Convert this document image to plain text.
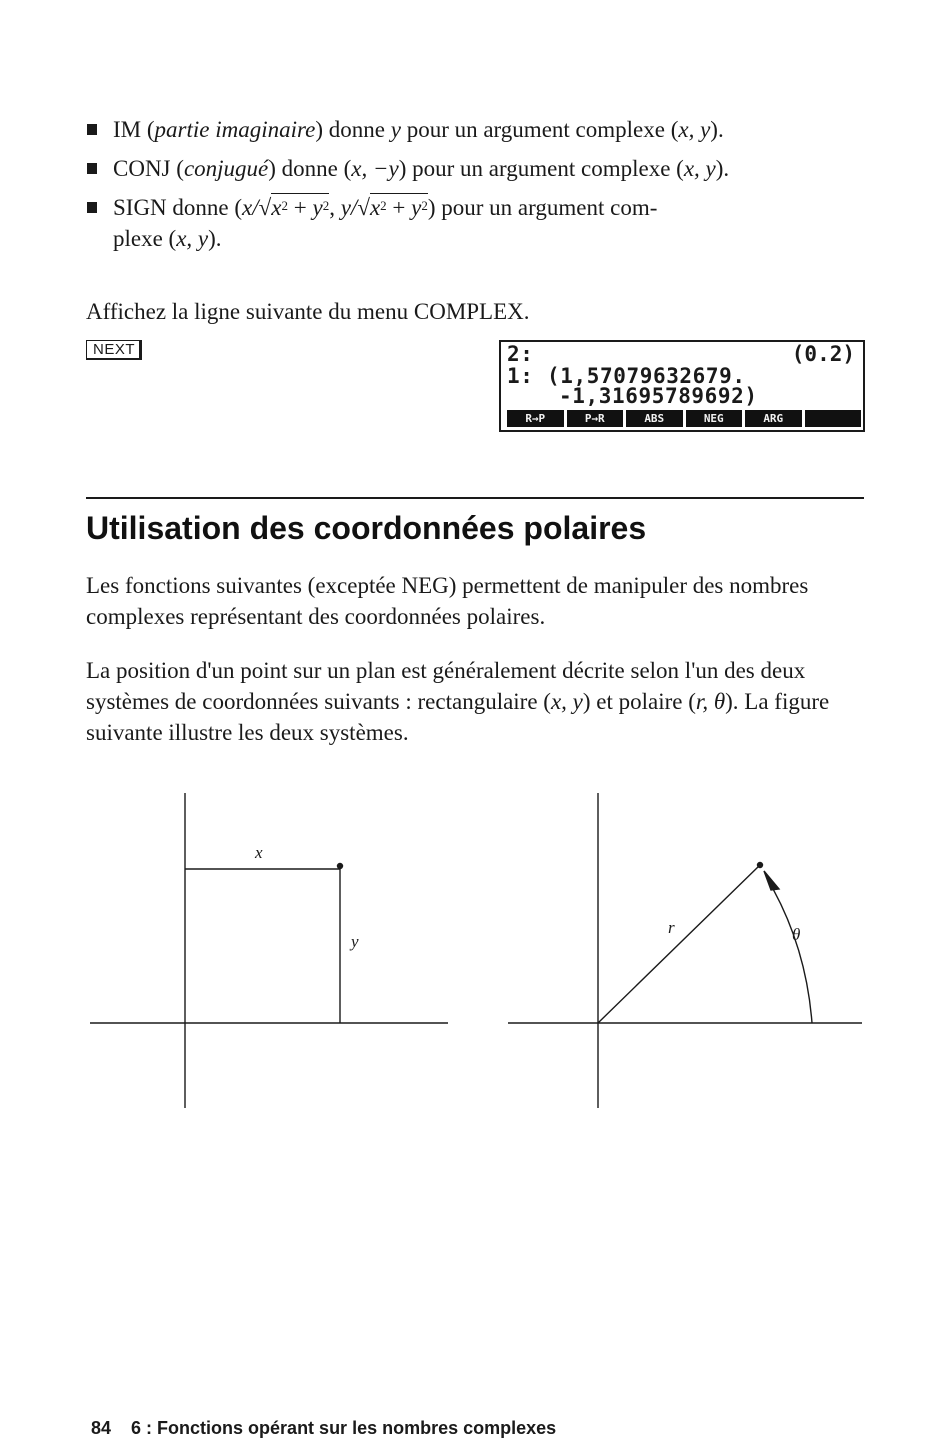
IM (partie imaginaire) donne y pour un argument complexe (x, y).
CONJ (conjugué) donne (x, −y) pour un argument complexe (x, y).
SIGN donne ($x/√x^2 + y^2$, $y/√x^2 + y^2$) pour un argument com-
plexe (x, y).
Affichez la ligne suivante du menu COMPLEX.
NEXT	2:	(0.2)
1: (1,57079632679.
-1,31695789692)
R→P	P→R	ABS	NEG	ARG
Utilisation des coordonnées polaires
Les fonctions suivantes (exceptée NEG) permettent de manipuler des nombres complexes représentant des coordonnées polaires.
La position d'un point sur un plan est généralement décrite selon l'un des deux systèmes de coordonnées suivants : rectangulaire (x, y) et polaire (r, θ). La figure suivante illustre les deux systèmes.
x
y
r	θ
84 6 : Fonctions opérant sur les nombres complexes
